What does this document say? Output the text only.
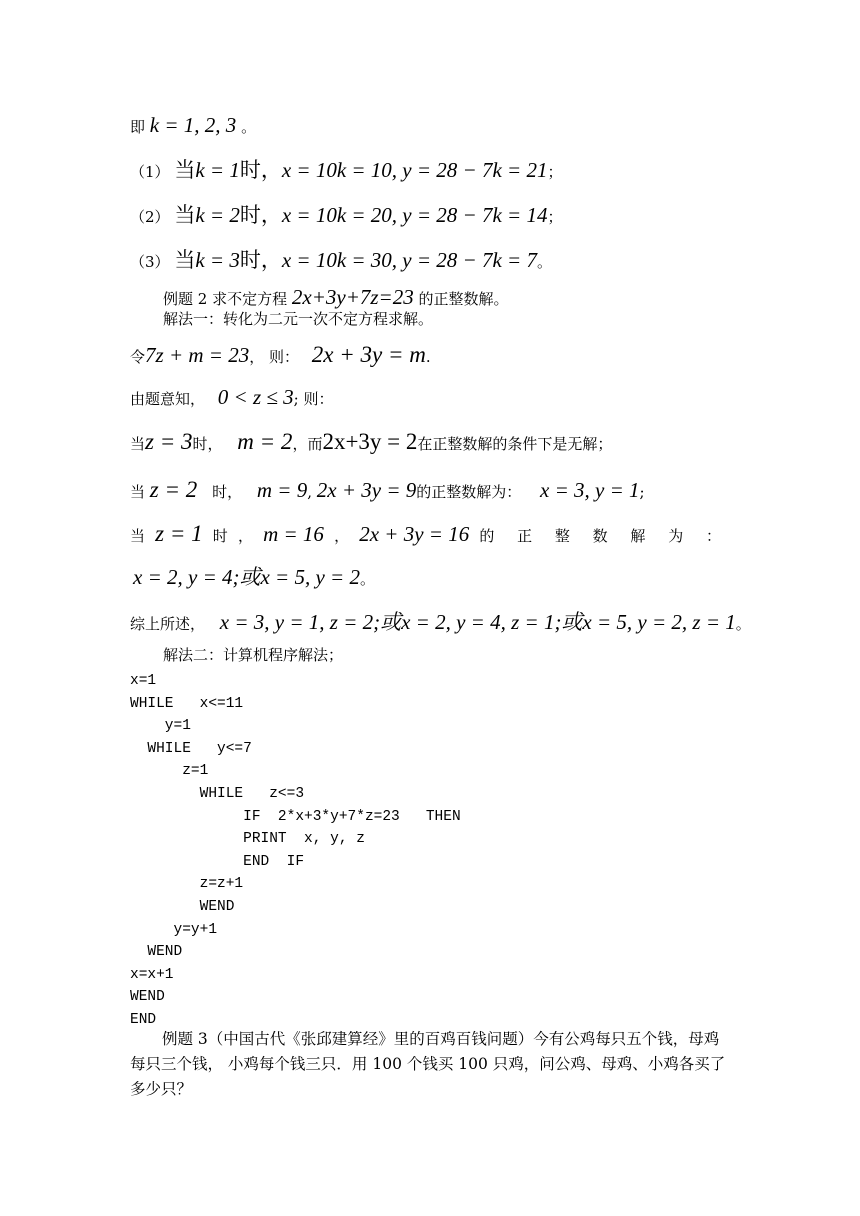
即 k = 1, 2, 3 。
（1） 当k = 1时，x = 10k = 10, y = 28 − 7k = 21；
（2） 当k = 2时，x = 10k = 20, y = 28 − 7k = 14；
（3） 当k = 3时，x = 10k = 30, y = 28 − 7k = 7。
例题 2 求不定方程 2x+3y+7z=23 的正整数解。
解法一：转化为二元一次不定方程求解。
令7z + m = 23， 则： 2x + 3y = m.
由题意知， 0 < z ≤ 3; 则：
当z = 3时， m = 2，而2x+3y = 2在正整数解的条件下是无解；
当 z = 2 时， m = 9, 2x + 3y = 9的正整数解为： x = 3, y = 1;
当 z = 1 时 ， m = 16 ， 2x + 3y = 16 的 正 整 数 解 为 ：
x = 2, y = 4;或x = 5, y = 2。
综上所述， x = 3, y = 1, z = 2;或x = 2, y = 4, z = 1;或x = 5, y = 2, z = 1。
解法二：计算机程序解法；
x=1
WHILE   x<=11
y=1
WHILE   y<=7
z=1
WHILE   z<=3
IF  2*x+3*y+7*z=23   THEN
PRINT  x, y, z
END  IF
z=z+1
WEND
y=y+1
WEND
x=x+1
WEND
END
例题 3（中国古代《张邱建算经》里的百鸡百钱问题）今有公鸡每只五个钱，母鸡每只三个钱， 小鸡每个钱三只．用 100 个钱买 100 只鸡，问公鸡、母鸡、小鸡各买了多少只？
